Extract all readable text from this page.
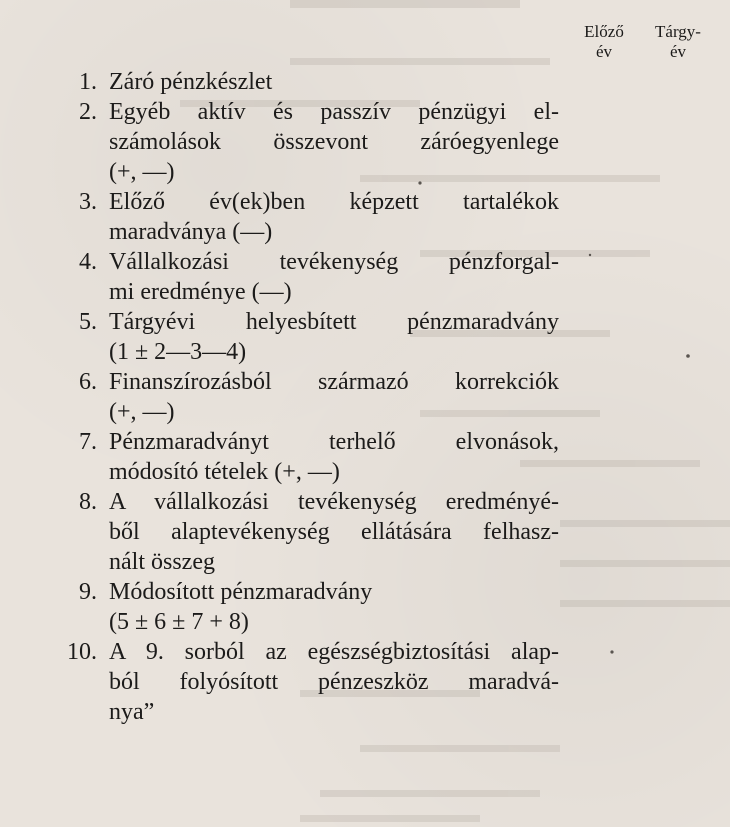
Előző
év
Tárgy-
év
1. Záró pénzkészlet
2. Egyéb aktív és passzív pénzügyi el-
számolások összevont záróegyenlege
(+, —)
3. Előző év(ek)ben képzett tartalékok
maradványa (—)
4. Vállalkozási tevékenység pénzforgal-
mi eredménye (—)
5. Tárgyévi helyesbített pénzmaradvány
(1 ± 2—3—4)
6. Finanszírozásból származó korrekciók
(+, —)
7. Pénzmaradványt terhelő elvonások,
módosító tételek (+, —)
8. A vállalkozási tevékenység eredményé-
ből alaptevékenység ellátására felhasz-
nált összeg
9. Módosított pénzmaradvány
(5 ± 6 ± 7 + 8)
10. A 9. sorból az egészségbiztosítási alap-
ból folyósított pénzeszköz maradvá-
nya”
